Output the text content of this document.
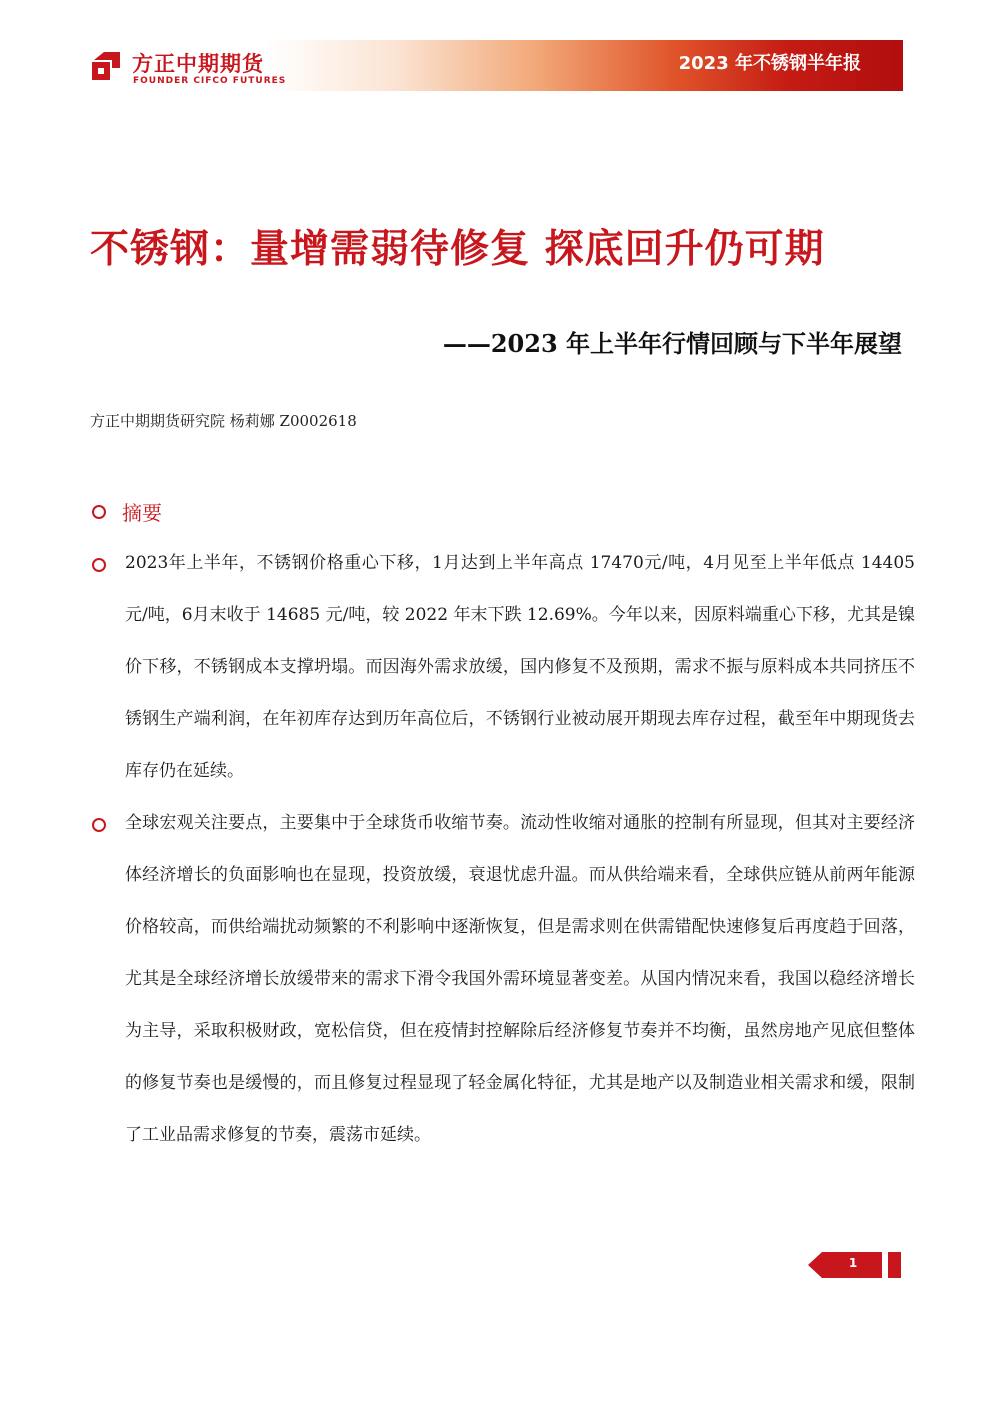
方正中期期货
FOUNDER CIFCO FUTURES
2023 年不锈钢半年报
不锈钢：量增需弱待修复 探底回升仍可期
——2023 年上半年行情回顾与下半年展望
方正中期期货研究院 杨莉娜 Z0002618
摘要
2023年上半年，不锈钢价格重心下移，1月达到上半年高点 17470元/吨，4月见至上半年低点 14405 元/吨，6月末收于 14685 元/吨，较 2022 年末下跌 12.69%。今年以来，因原料端重心下移，尤其是镍价下移，不锈钢成本支撑坍塌。而因海外需求放缓，国内修复不及预期，需求不振与原料成本共同挤压不锈钢生产端利润，在年初库存达到历年高位后，不锈钢行业被动展开期现去库存过程，截至年中期现货去库存仍在延续。
全球宏观关注要点，主要集中于全球货币收缩节奏。流动性收缩对通胀的控制有所显现，但其对主要经济体经济增长的负面影响也在显现，投资放缓，衰退忧虑升温。而从供给端来看，全球供应链从前两年能源价格较高，而供给端扰动频繁的不利影响中逐渐恢复，但是需求则在供需错配快速修复后再度趋于回落，尤其是全球经济增长放缓带来的需求下滑令我国外需环境显著变差。从国内情况来看，我国以稳经济增长为主导，采取积极财政，宽松信贷，但在疫情封控解除后经济修复节奏并不均衡，虽然房地产见底但整体的修复节奏也是缓慢的，而且修复过程显现了轻金属化特征，尤其是地产以及制造业相关需求和缓，限制了工业品需求修复的节奏，震荡市延续。
1
